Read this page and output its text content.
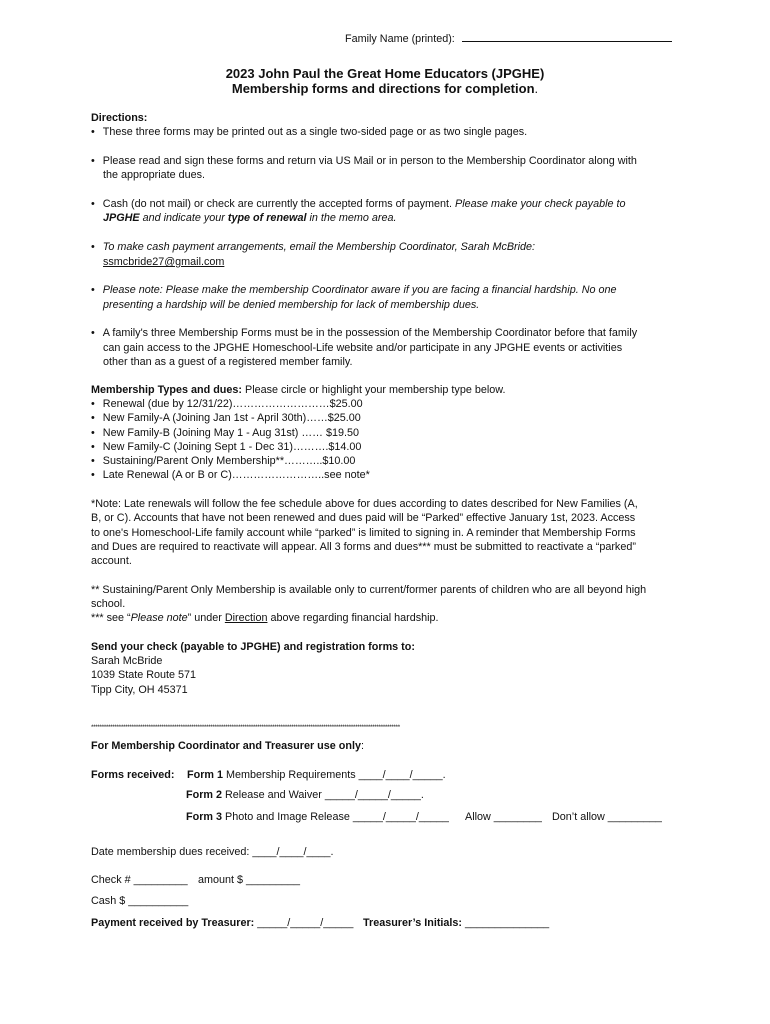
Family Name (printed):
2023 John Paul the Great Home Educators (JPGHE)
Membership forms and directions for completion.
Directions:
• These three forms may be printed out as a single two-sided page or as two single pages.
• Please read and sign these forms and return via US Mail or in person to the Membership Coordinator along with
the appropriate dues.
• Cash (do not mail) or check are currently the accepted forms of payment. Please make your check payable to
JPGHE and indicate your type of renewal in the memo area.
• To make cash payment arrangements, email the Membership Coordinator, Sarah McBride:
ssmcbride27@gmail.com
• Please note: Please make the membership Coordinator aware if you are facing a financial hardship. No one
presenting a hardship will be denied membership for lack of membership dues.
• A family's three Membership Forms must be in the possession of the Membership Coordinator before that family
can gain access to the JPGHE Homeschool-Life website and/or participate in any JPGHE events or activities
other than as a guest of a registered member family.
Membership Types and dues: Please circle or highlight your membership type below.
• Renewal (due by 12/31/22)………………………$25.00
• New Family-A (Joining Jan 1st - April 30th)……$25.00
• New Family-B (Joining May 1 - Aug 31st) …… $19.50
• New Family-C (Joining Sept 1 - Dec 31)……….$14.00
• Sustaining/Parent Only Membership**………..$10.00
• Late Renewal (A or B or C)……………………..see note*
*Note: Late renewals will follow the fee schedule above for dues according to dates described for New Families (A,
B, or C). Accounts that have not been renewed and dues paid will be “Parked” effective January 1st, 2023. Access
to one's Homeschool-Life family account while “parked” is limited to signing in. A reminder that Membership Forms
and Dues are required to reactivate will appear. All 3 forms and dues*** must be submitted to reactivate a “parked”
account.
** Sustaining/Parent Only Membership is available only to current/former parents of children who are all beyond high
school.
*** see “Please note” under Direction above regarding financial hardship.
Send your check (payable to JPGHE) and registration forms to:
Sarah McBride
1039 State Route 571
Tipp City, OH 45371
*************************************************************************************************************************************************
For Membership Coordinator and Treasurer use only:
Forms received: Form 1 Membership Requirements ____/____/_____.
Form 2 Release and Waiver _____/_____/_____.
Form 3 Photo and Image Release _____/_____/_____ Allow ________ Don’t allow _________
Date membership dues received: ____/____/____.
Check # _________ amount $ _________
Cash $ __________
Payment received by Treasurer: _____/_____/_____ Treasurer’s Initials: ______________
